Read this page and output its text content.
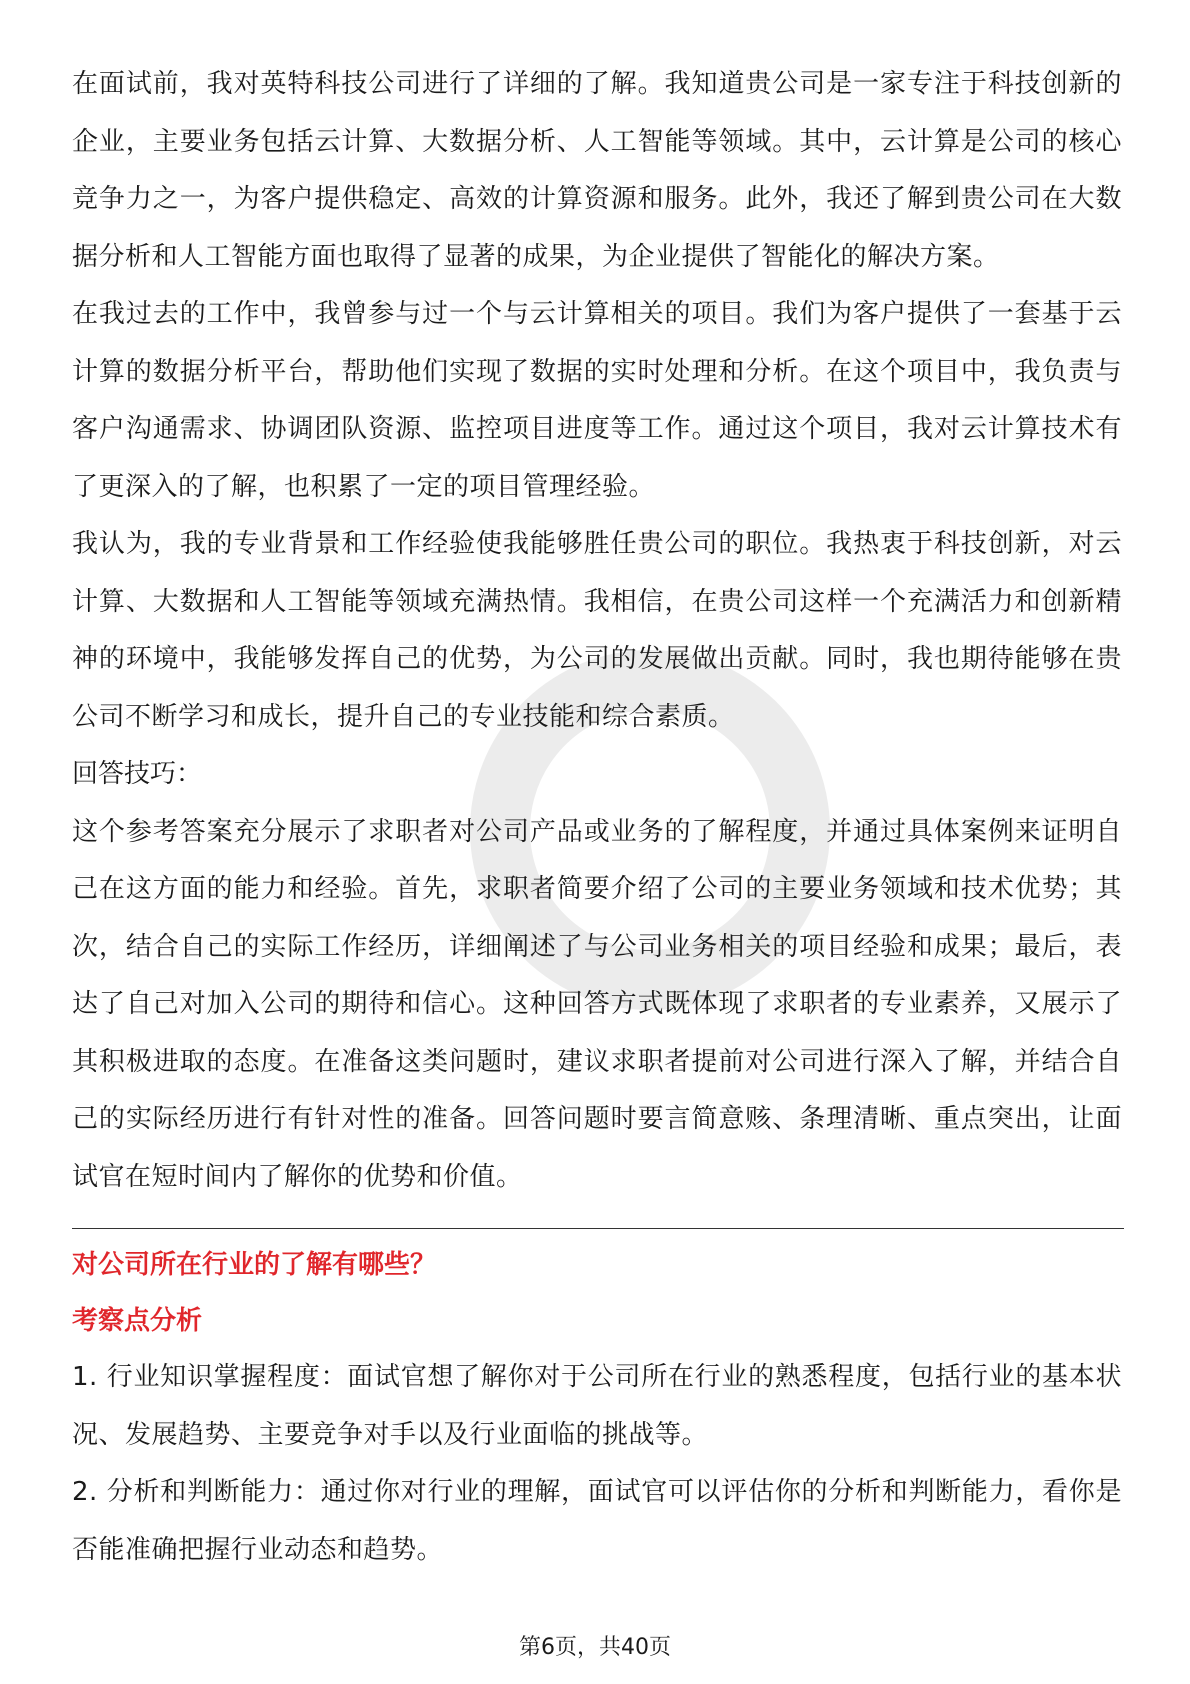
在面试前，我对英特科技公司进行了详细的了解。我知道贵公司是一家专注于科技创新的企业，主要业务包括云计算、大数据分析、人工智能等领域。其中，云计算是公司的核心竞争力之一，为客户提供稳定、高效的计算资源和服务。此外，我还了解到贵公司在大数据分析和人工智能方面也取得了显著的成果，为企业提供了智能化的解决方案。

在我过去的工作中，我曾参与过一个与云计算相关的项目。我们为客户提供了一套基于云计算的数据分析平台，帮助他们实现了数据的实时处理和分析。在这个项目中，我负责与客户沟通需求、协调团队资源、监控项目进度等工作。通过这个项目，我对云计算技术有了更深入的了解，也积累了一定的项目管理经验。

我认为，我的专业背景和工作经验使我能够胜任贵公司的职位。我热衷于科技创新，对云计算、大数据和人工智能等领域充满热情。我相信，在贵公司这样一个充满活力和创新精神的环境中，我能够发挥自己的优势，为公司的发展做出贡献。同时，我也期待能够在贵公司不断学习和成长，提升自己的专业技能和综合素质。

回答技巧：

这个参考答案充分展示了求职者对公司产品或业务的了解程度，并通过具体案例来证明自己在这方面的能力和经验。首先，求职者简要介绍了公司的主要业务领域和技术优势；其次，结合自己的实际工作经历，详细阐述了与公司业务相关的项目经验和成果；最后，表达了自己对加入公司的期待和信心。这种回答方式既体现了求职者的专业素养，又展示了其积极进取的态度。在准备这类问题时，建议求职者提前对公司进行深入了解，并结合自己的实际经历进行有针对性的准备。回答问题时要言简意赅、条理清晰、重点突出，让面试官在短时间内了解你的优势和价值。

对公司所在行业的了解有哪些？

考察点分析

1. 行业知识掌握程度：面试官想了解你对于公司所在行业的熟悉程度，包括行业的基本状况、发展趋势、主要竞争对手以及行业面临的挑战等。

2. 分析和判断能力：通过你对行业的理解，面试官可以评估你的分析和判断能力，看你是否能准确把握行业动态和趋势。

第6页，共40页
